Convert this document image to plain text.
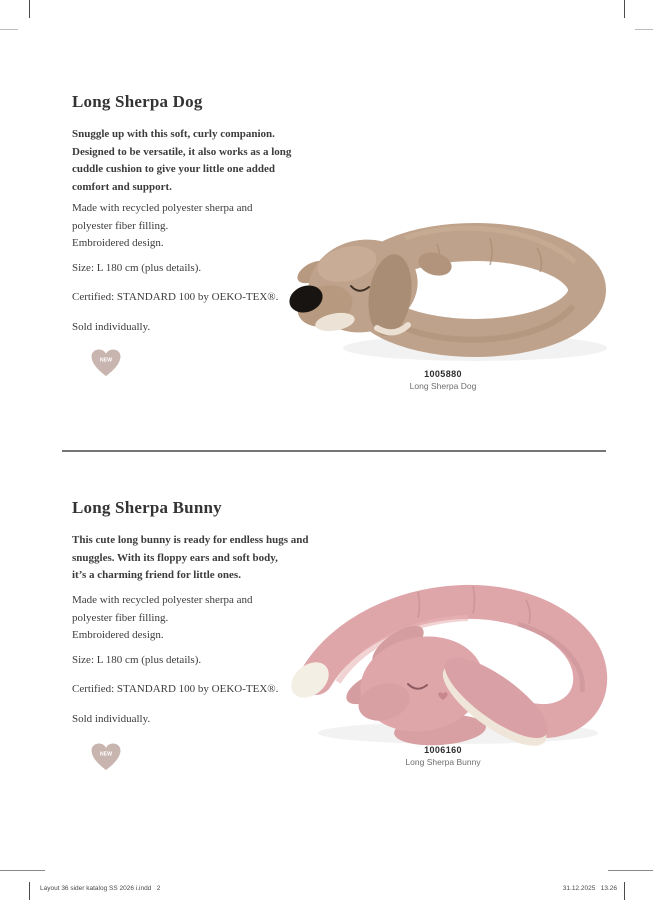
Long Sherpa Dog
Snuggle up with this soft, curly companion.
Designed to be versatile, it also works as a long
cuddle cushion to give your little one added
comfort and support.
Made with recycled polyester sherpa and
polyester fiber filling.
Embroidered design.
Size: L 180 cm (plus details).
Certified: STANDARD 100 by OEKO-TEX®.
Sold individually.
NEW
1005880
Long Sherpa Dog
Long Sherpa Bunny
This cute long bunny is ready for endless hugs and
snuggles. With its floppy ears and soft body,
it’s a charming friend for little ones.
Made with recycled polyester sherpa and
polyester fiber filling.
Embroidered design.
Size: L 180 cm (plus details).
Certified: STANDARD 100 by OEKO-TEX®.
Sold individually.
NEW	1006160
Long Sherpa Bunny
Layout 36 sider katalog SS 2026 i.indd   2	31.12.2025   13.26
